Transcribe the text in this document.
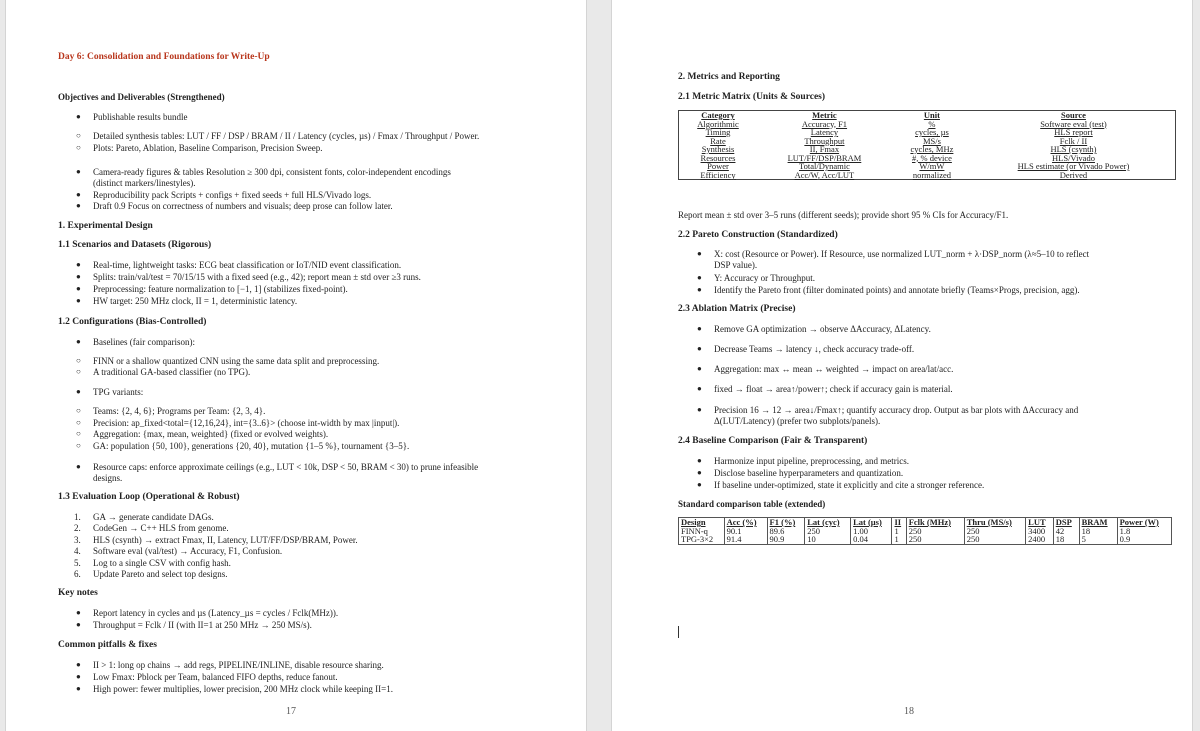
Day 6: Consolidation and Foundations for Write-Up
Objectives and Deliverables (Strengthened)
● Publishable results bundle
○ Detailed synthesis tables: LUT / FF / DSP / BRAM / II / Latency (cycles, µs) / Fmax / Throughput / Power.
○ Plots: Pareto, Ablation, Baseline Comparison, Precision Sweep.
● Camera-ready figures & tables Resolution ≥ 300 dpi, consistent fonts, color-independent encodings
(distinct markers/linestyles).
● Reproducibility pack Scripts + configs + fixed seeds + full HLS/Vivado logs.
● Draft 0.9 Focus on correctness of numbers and visuals; deep prose can follow later.
1. Experimental Design
1.1 Scenarios and Datasets (Rigorous)
● Real-time, lightweight tasks: ECG beat classification or IoT/NID event classification.
● Splits: train/val/test = 70/15/15 with a fixed seed (e.g., 42); report mean ± std over ≥3 runs.
● Preprocessing: feature normalization to [−1, 1] (stabilizes fixed-point).
● HW target: 250 MHz clock, II = 1, deterministic latency.
1.2 Configurations (Bias-Controlled)
● Baselines (fair comparison):
○ FINN or a shallow quantized CNN using the same data split and preprocessing.
○ A traditional GA-based classifier (no TPG).
● TPG variants:
○ Teams: {2, 4, 6}; Programs per Team: {2, 3, 4}.
○ Precision: ap_fixed<total={12,16,24}, int={3..6}> (choose int-width by max |input|).
○ Aggregation: {max, mean, weighted} (fixed or evolved weights).
○ GA: population {50, 100}, generations {20, 40}, mutation {1–5 %}, tournament {3–5}.
● Resource caps: enforce approximate ceilings (e.g., LUT < 10k, DSP < 50, BRAM < 30) to prune infeasible
designs.
1.3 Evaluation Loop (Operational & Robust)
1. GA → generate candidate DAGs.
2. CodeGen → C++ HLS from genome.
3. HLS (csynth) → extract Fmax, II, Latency, LUT/FF/DSP/BRAM, Power.
4. Software eval (val/test) → Accuracy, F1, Confusion.
5. Log to a single CSV with config hash.
6. Update Pareto and select top designs.
Key notes
● Report latency in cycles and µs (Latency_µs = cycles / Fclk(MHz)).
● Throughput = Fclk / II (with II=1 at 250 MHz → 250 MS/s).
Common pitfalls & fixes
● II > 1: long op chains → add regs, PIPELINE/INLINE, disable resource sharing.
● Low Fmax: Pblock per Team, balanced FIFO depths, reduce fanout.
● High power: fewer multiplies, lower precision, 200 MHz clock while keeping II=1.
17
2. Metrics and Reporting
2.1 Metric Matrix (Units & Sources)
Category	Metric	Unit	Source
Algorithmic	Accuracy, F1	%	Software eval (test)
Timing	Latency	cycles, µs	HLS report
Rate	Throughput	MS/s	Fclk / II
Synthesis	II, Fmax	cycles, MHz	HLS (csynth)
Resources	LUT/FF/DSP/BRAM	#, % device	HLS/Vivado
Power	Total/Dynamic	W/mW	HLS estimate (or Vivado Power)
Efficiency	Acc/W, Acc/LUT	normalized	Derived
Report mean ± std over 3–5 runs (different seeds); provide short 95 % CIs for Accuracy/F1.
2.2 Pareto Construction (Standardized)
● X: cost (Resource or Power). If Resource, use normalized LUT_norm + λ·DSP_norm (λ≈5–10 to reflect
DSP value).
● Y: Accuracy or Throughput.
● Identify the Pareto front (filter dominated points) and annotate briefly (Teams×Progs, precision, agg).
2.3 Ablation Matrix (Precise)
● Remove GA optimization → observe ΔAccuracy, ΔLatency.
● Decrease Teams → latency ↓, check accuracy trade-off.
● Aggregation: max ↔ mean ↔ weighted → impact on area/lat/acc.
● fixed → float → area↑/power↑; check if accuracy gain is material.
● Precision 16 → 12 → area↓/Fmax↑; quantify accuracy drop. Output as bar plots with ΔAccuracy and
Δ(LUT/Latency) (prefer two subplots/panels).
2.4 Baseline Comparison (Fair & Transparent)
● Harmonize input pipeline, preprocessing, and metrics.
● Disclose baseline hyperparameters and quantization.
● If baseline under-optimized, state it explicitly and cite a stronger reference.
Standard comparison table (extended)
Design	Acc (%)	F1 (%)	Lat (cyc)	Lat (µs)	II	Fclk (MHz)	Thru (MS/s)	LUT	DSP	BRAM	Power (W)
FINN-q	90.1	89.6	250	1.00	1	250	250	3400	42	18	1.8
TPG-3×2	91.4	90.9	10	0.04	1	250	250	2400	18	5	0.9
18
